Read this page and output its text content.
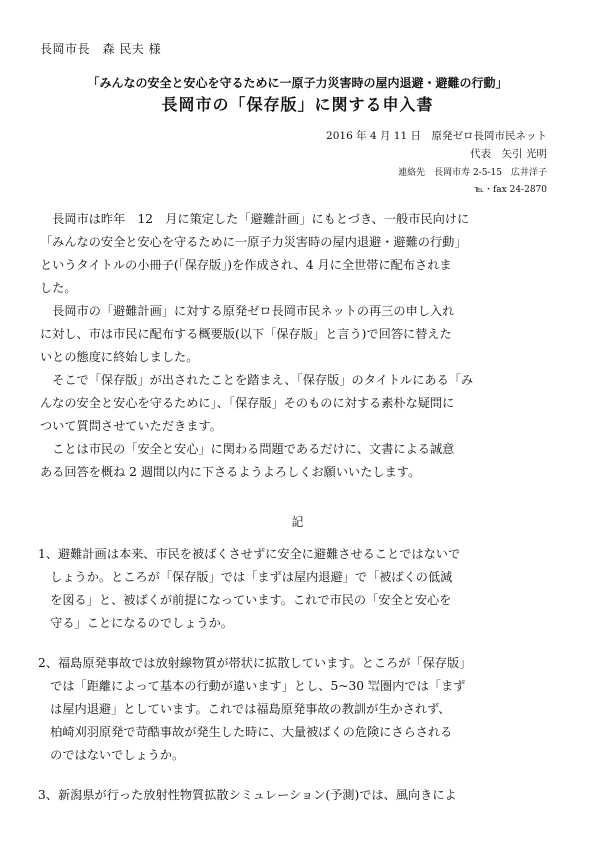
長岡市長　森 民夫 様
「みんなの安全と安心を守るために一原子力災害時の屋内退避・避難の行動」
長岡市の「保存版」に関する申入書
2016 年 4 月 11 日　原発ゼロ長岡市民ネット
代表　矢引 光明
連絡先　長岡市寿 2-5-15　広井洋子
℡・fax 24-2870
　長岡市は昨年　12　月に策定した「避難計画」にもとづき、一般市民向けに
「みんなの安全と安心を守るために一原子力災害時の屋内退避・避難の行動」
というタイトルの小冊子(「保存版」)を作成され、4 月に全世帯に配布されま
した。
　長岡市の「避難計画」に対する原発ゼロ長岡市民ネットの再三の申し入れ
に対し、市は市民に配布する概要版(以下「保存版」と言う)で回答に替えた
いとの態度に終始しました。
　そこで「保存版」が出されたことを踏まえ、「保存版」のタイトルにある「み
んなの安全と安心を守るために」、「保存版」そのものに対する素朴な疑問に
ついて質問させていただきます。
　ことは市民の「安全と安心」に関わる問題であるだけに、文書による誠意
ある回答を概ね 2 週間以内に下さるようよろしくお願いいたします。
記
1、避難計画は本来、市民を被ばくさせずに安全に避難させることではないで
　しょうか。ところが「保存版」では「まずは屋内退避」で「被ばくの低減
　を図る」と、被ばくが前提になっています。これで市民の「安全と安心を
　守る」ことになるのでしょうか。
2、福島原発事故では放射線物質が帯状に拡散しています。ところが「保存版」
　では「距離によって基本の行動が違います」とし、5~30 ㌖圏内では「まず
　は屋内退避」としています。これでは福島原発事故の教訓が生かされず、
　柏崎刈羽原発で苛酷事故が発生した時に、大量被ばくの危険にさらされる
　のではないでしょうか。
3、新潟県が行った放射性物質拡散シミュレーション(予測)では、風向きによ
